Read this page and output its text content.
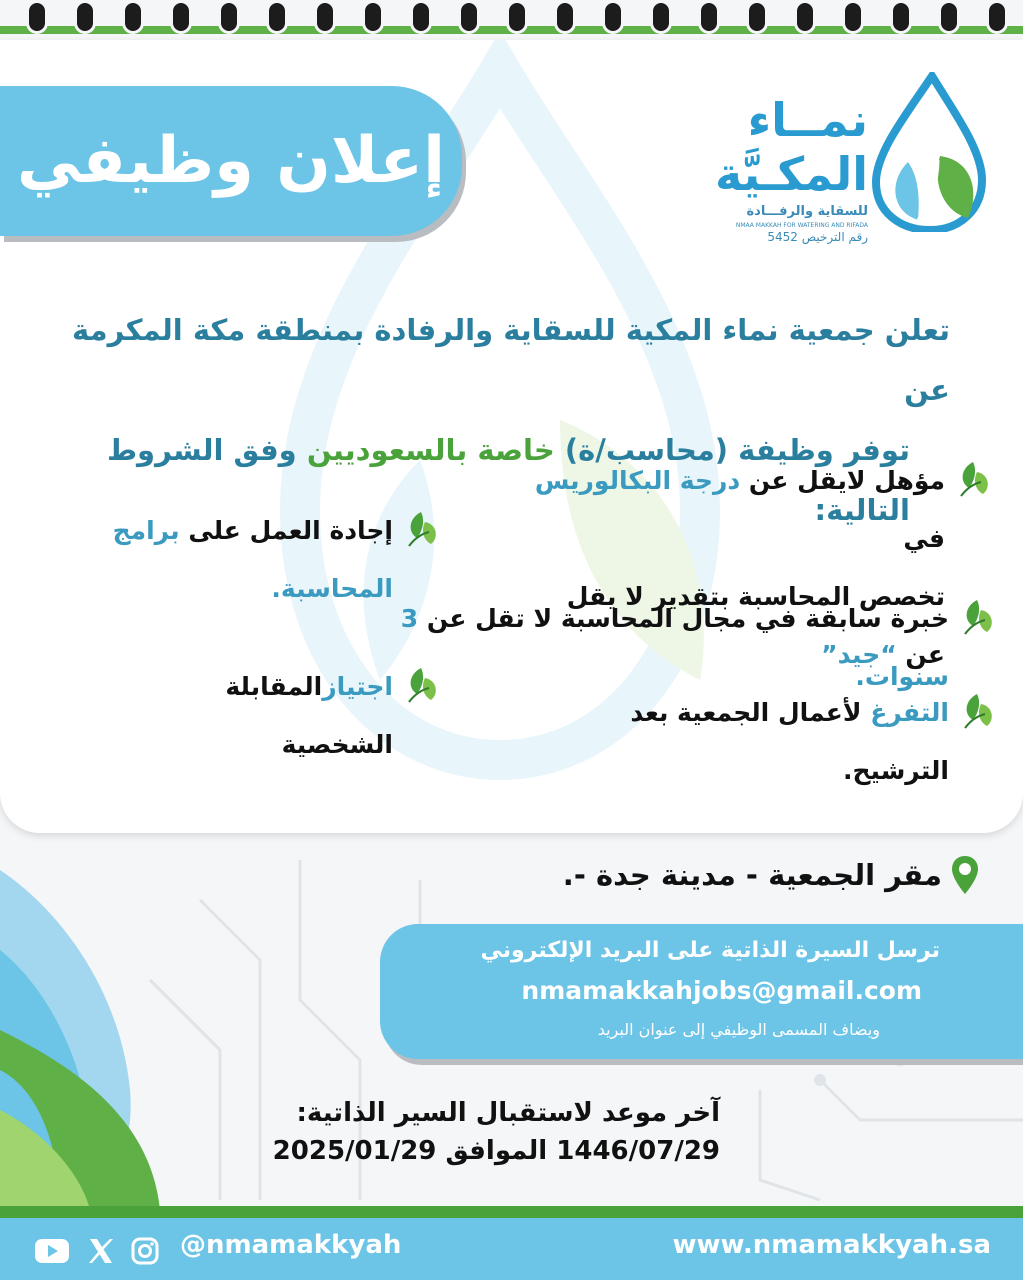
إعلان وظيفي
نمــاء
المكـيَّة
للسقاية والرفـــادة
NMAA MAKKAH FOR WATERING AND RIFADA
رقم الترخيص 5452
تعلن جمعية نماء المكية للسقاية والرفادة بمنطقة مكة المكرمة عن
توفر وظيفة (محاسب/ة) خاصة بالسعوديين وفق الشروط التالية:
مؤهل لايقل عن درجة البكالوريس في
تخصص المحاسبة بتقدير لا يقل عن “جيد”
إجادة العمل على برامج المحاسبة.
خبرة سابقة في مجال المحاسبة لا تقل عن 3 سنوات.
اجتيازالمقابلة الشخصية
التفرغ لأعمال الجمعية بعد الترشيح.
مقر الجمعية - مدينة جدة -.
ترسل السيرة الذاتية على البريد الإلكتروني
nmamakkahjobs@gmail.com
ويضاف المسمى الوظيفي إلى عنوان البريد
آخر موعد لاستقبال السير الذاتية:
1446/07/29 الموافق 2025/01/29
@nmamakkyah	www.nmamakkyah.sa
